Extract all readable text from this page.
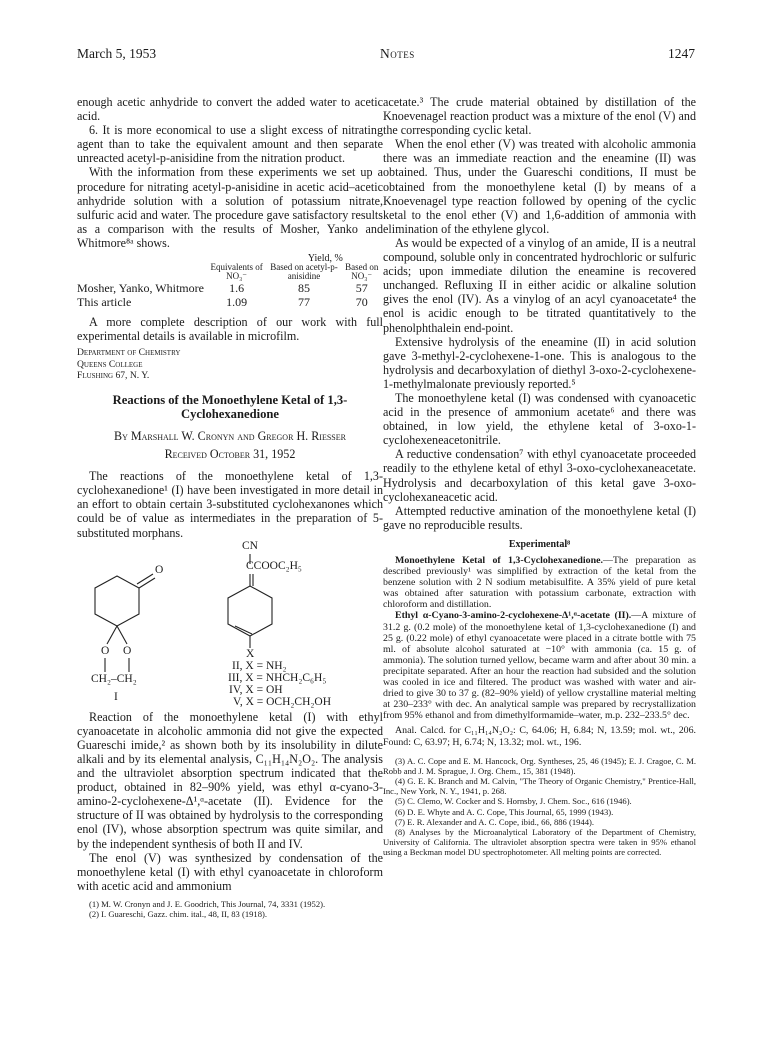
March 5, 1953	Notes	1247

enough acetic anhydride to convert the added water to acetic acid.

6. It is more economical to use a slight excess of nitrating agent than to take the equivalent amount and then separate unreacted acetyl-p-anisidine from the nitration product.

With the information from these experiments we set up a procedure for nitrating acetyl-p-anisidine in acetic acid–acetic anhydride solution with a solution of potassium nitrate, sulfuric acid and water. The procedure gave satisfactory results as a comparison with the results of Mosher, Yanko and Whitmore⁸ᵃ shows.

		Yield, %	
	Equivalents of NO₃⁻	Based on acetyl-p-anisidine	Based on NO₃⁻
Mosher, Yanko, Whitmore	1.6	85	57
This article	1.09	77	70

A more complete description of our work with full experimental details is available in microfilm.

Department of Chemistry
Queens College
Flushing 67, N. Y.
Reactions of the Monoethylene Ketal of 1,3-Cyclohexanedione
By Marshall W. Cronyn and Gregor H. Riesser
Received October 31, 1952

The reactions of the monoethylene ketal of 1,3-cyclohexanedione¹ (I) have been investigated in more detail in an effort to obtain certain 3-substituted cyclohexanones which could be of value as intermediates in the preparation of 5-substituted morphans.

O
O O
CH₂–CH₂
I
CN
CCOOC₂H₅
X
II, X = NH₂
III, X = NHCH₂C₆H₅
IV, X = OH
V, X = OCH₂CH₂OH

Reaction of the monoethylene ketal (I) with ethyl cyanoacetate in alcoholic ammonia did not give the expected Guareschi imide,² as shown both by its insolubility in dilute alkali and by its elemental analysis, C₁₁H₁₄N₂O₂. The analysis and the ultraviolet absorption spectrum indicated that the product, obtained in 82–90% yield, was ethyl α-cyano-3-amino-2-cyclohexene-Δ¹,ᵅ-acetate (II). Evidence for the structure of II was obtained by hydrolysis to the corresponding enol (IV), whose absorption spectrum was quite similar, and by the independent synthesis of both II and IV.

The enol (V) was synthesized by condensation of the monoethylene ketal (I) with ethyl cyanoacetate in chloroform with acetic acid and ammonium

(1) M. W. Cronyn and J. E. Goodrich, This Journal, 74, 3331 (1952).

(2) I. Guareschi, Gazz. chim. ital., 48, II, 83 (1918).

acetate.³ The crude material obtained by distillation of the Knoevenagel reaction product was a mixture of the enol (V) and the corresponding cyclic ketal.

When the enol ether (V) was treated with alcoholic ammonia there was an immediate reaction and the eneamine (II) was obtained. Thus, under the Guareschi conditions, II must be obtained from the monoethylene ketal (I) by means of a Knoevenagel type reaction followed by opening of the cyclic ketal to the enol ether (V) and 1,6-addition of ammonia with elimination of the ethylene glycol.

As would be expected of a vinylog of an amide, II is a neutral compound, soluble only in concentrated hydrochloric or sulfuric acids; upon immediate dilution the eneamine is recovered unchanged. Refluxing II in either acidic or alkaline solution gives the enol (IV). As a vinylog of an acyl cyanoacetate⁴ the enol is acidic enough to be titrated quantitatively to the phenolphthalein end-point.

Extensive hydrolysis of the eneamine (II) in acid solution gave 3-methyl-2-cyclohexene-1-one. This is analogous to the hydrolysis and decarboxylation of diethyl 3-oxo-2-cyclohexene-1-methylmalonate previously reported.⁵

The monoethylene ketal (I) was condensed with cyanoacetic acid in the presence of ammonium acetate⁶ and there was obtained, in low yield, the ethylene ketal of 3-oxo-1-cyclohexeneacetonitrile.

A reductive condensation⁷ with ethyl cyanoacetate proceeded readily to the ethylene ketal of ethyl 3-oxo-cyclohexaneacetate. Hydrolysis and decarboxylation of this ketal gave 3-oxo-cyclohexaneacetic acid.

Attempted reductive amination of the monoethylene ketal (I) gave no reproducible results.

Experimental⁸

Monoethylene Ketal of 1,3-Cyclohexanedione.—The preparation as described previously¹ was simplified by extraction of the ketal from the benzene solution with 2 N sodium metabisulfite. A 35% yield of pure ketal was obtained after saturation with potassium carbonate, extraction with chloroform and distillation.

Ethyl α-Cyano-3-amino-2-cyclohexene-Δ¹,ᵅ-acetate (II).—A mixture of 31.2 g. (0.2 mole) of the monoethylene ketal of 1,3-cyclohexanedione (I) and 25 g. (0.22 mole) of ethyl cyanoacetate were placed in a citrate bottle with 75 ml. of absolute alcohol saturated at −10° with ammonia (ca. 15 g. of ammonia). The solution turned yellow, became warm and after about 30 min. a precipitate separated. After an hour the reaction had subsided and the solution was cooled in ice and filtered. The product was washed with water and air-dried to give 30 to 37 g. (82–90% yield) of yellow crystalline material melting at 230–233° with dec. An analytical sample was prepared by recrystallization from 95% ethanol and from dimethylformamide–water, m.p. 232–233.5° dec.

Anal. Calcd. for C₁₁H₁₄N₂O₂: C, 64.06; H, 6.84; N, 13.59; mol. wt., 206. Found: C, 63.97; H, 6.74; N, 13.32; mol. wt., 196.

(3) A. C. Cope and E. M. Hancock, Org. Syntheses, 25, 46 (1945); E. J. Cragoe, C. M. Robb and J. M. Sprague, J. Org. Chem., 15, 381 (1948).

(4) G. E. K. Branch and M. Calvin, "The Theory of Organic Chemistry," Prentice-Hall, Inc., New York, N. Y., 1941, p. 268.

(5) C. Clemo, W. Cocker and S. Hornsby, J. Chem. Soc., 616 (1946).

(6) D. E. Whyte and A. C. Cope, This Journal, 65, 1999 (1943).

(7) E. R. Alexander and A. C. Cope, ibid., 66, 886 (1944).

(8) Analyses by the Microanalytical Laboratory of the Department of Chemistry, University of California. The ultraviolet absorption spectra were taken in 95% ethanol using a Beckman model DU spectrophotometer. All melting points are corrected.
